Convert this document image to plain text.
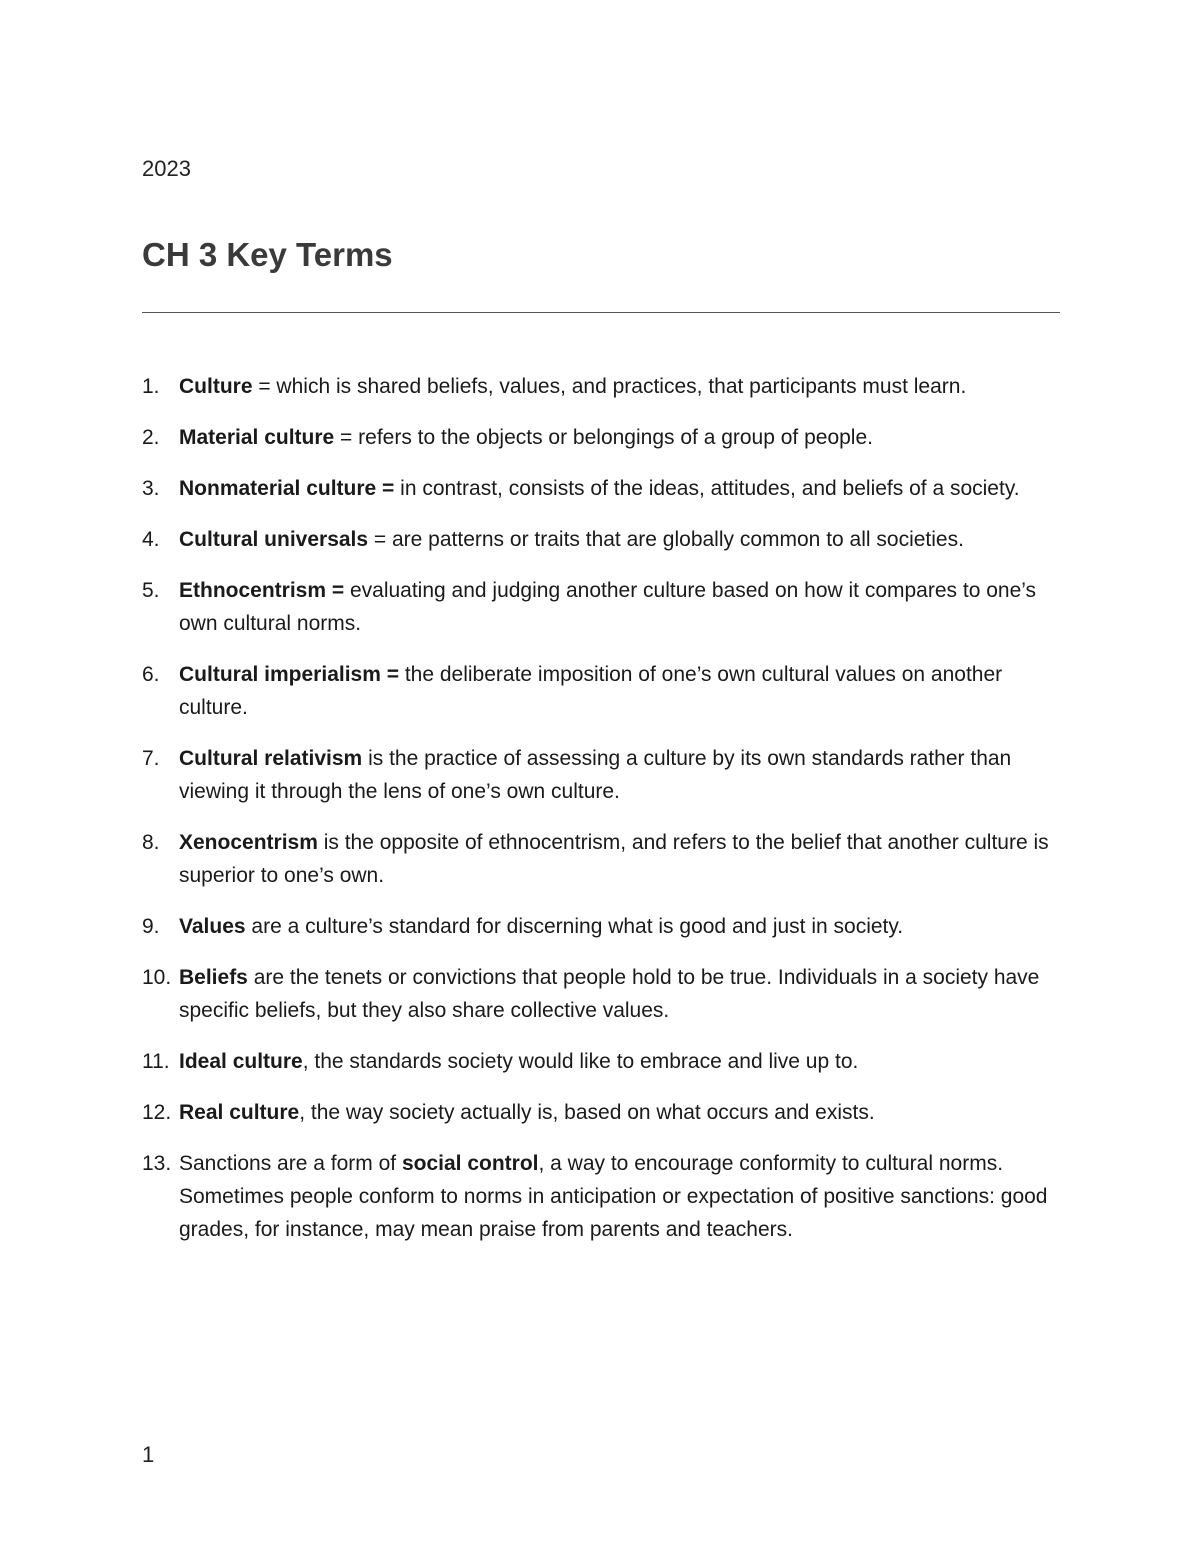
2023
CH 3 Key Terms
1. Culture = which is shared beliefs, values, and practices, that participants must learn.
2. Material culture = refers to the objects or belongings of a group of people.
3. Nonmaterial culture = in contrast, consists of the ideas, attitudes, and beliefs of a society.
4. Cultural universals = are patterns or traits that are globally common to all societies.
5. Ethnocentrism = evaluating and judging another culture based on how it compares to one’s own cultural norms.
6. Cultural imperialism = the deliberate imposition of one’s own cultural values on another culture.
7. Cultural relativism is the practice of assessing a culture by its own standards rather than viewing it through the lens of one’s own culture.
8. Xenocentrism is the opposite of ethnocentrism, and refers to the belief that another culture is superior to one’s own.
9. Values are a culture’s standard for discerning what is good and just in society.
10. Beliefs are the tenets or convictions that people hold to be true. Individuals in a society have specific beliefs, but they also share collective values.
11. Ideal culture, the standards society would like to embrace and live up to.
12. Real culture, the way society actually is, based on what occurs and exists.
13. Sanctions are a form of social control, a way to encourage conformity to cultural norms. Sometimes people conform to norms in anticipation or expectation of positive sanctions: good grades, for instance, may mean praise from parents and teachers.
1
